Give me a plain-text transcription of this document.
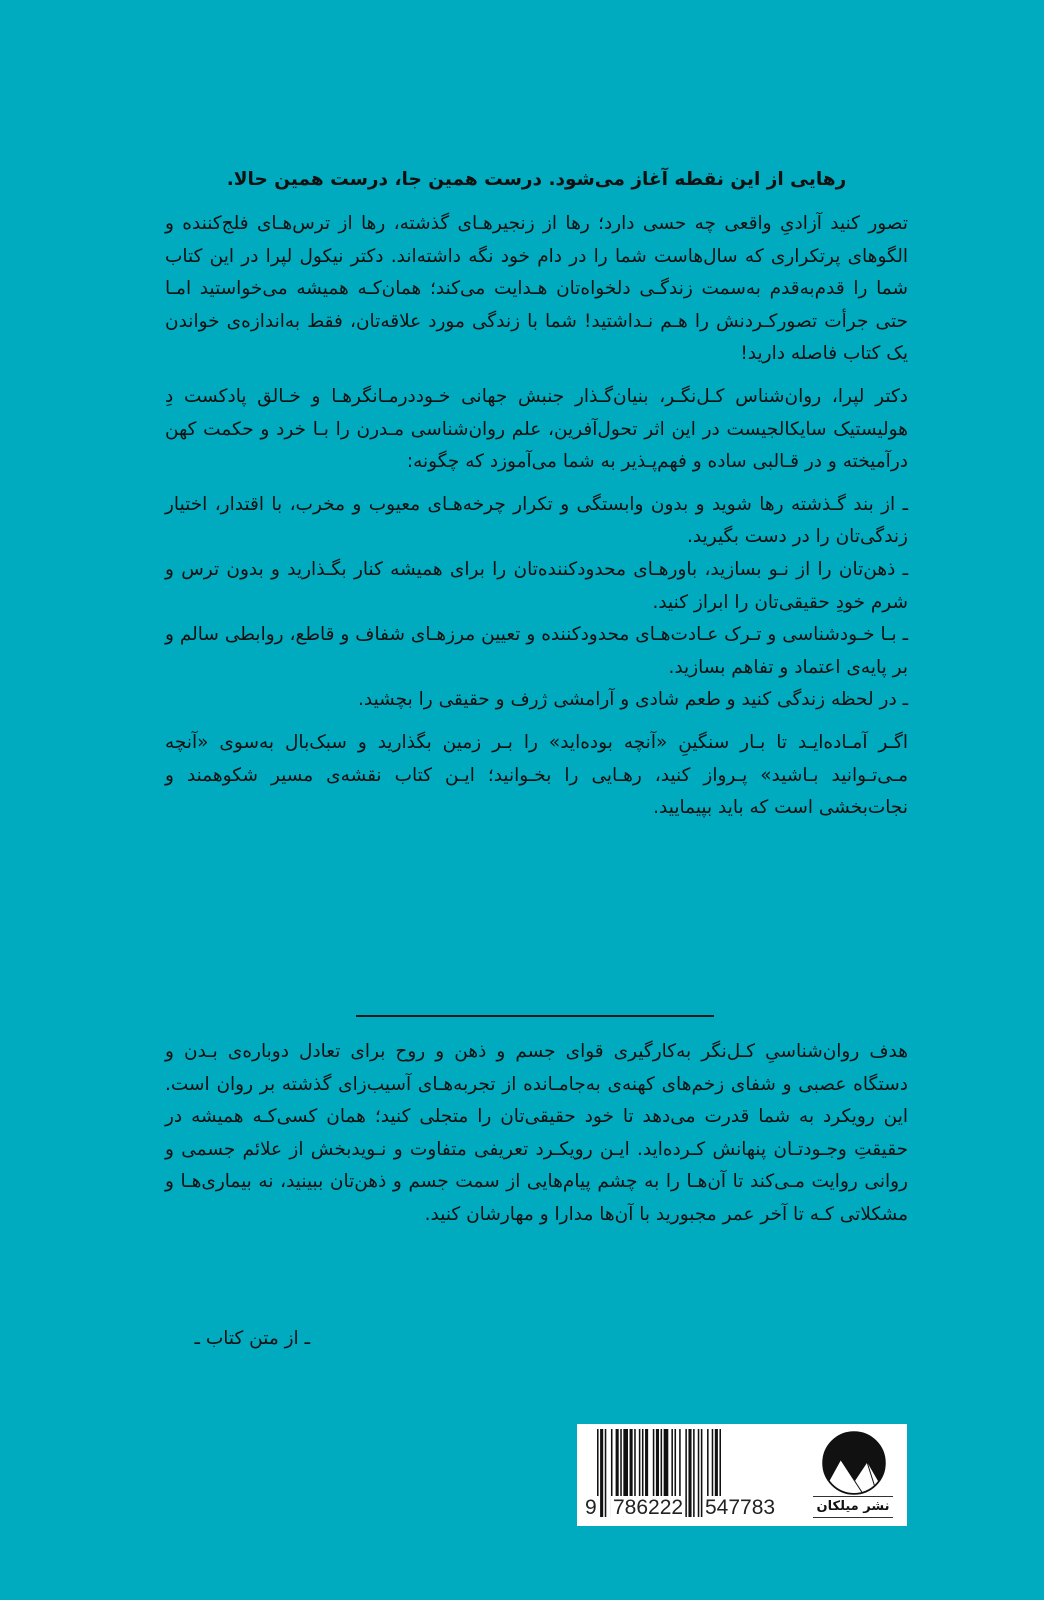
رهایی از این نقطه آغاز می‌شود. درست همین جا، درست همین حالا.

تصور کنید آزادیِ واقعی چه حسی دارد؛ رها از زنجیرهـای گذشته، رها از ترس‌هـای فلج‌کننده و الگوهای پرتکراری که سال‌هاست شما را در دام خود نگه داشته‌اند. دکتر نیکول لپرا در این کتاب شما را قدم‌به‌قدم به‌سمت زندگـی دلخواه‌تان هـدایت می‌کند؛ همان‌کـه همیشه می‌خواستید امـا حتی جرأت تصورکـردنش را هـم نـداشتید! شما با زندگی مورد علاقه‌تان، فقط به‌اندازه‌ی خواندن یک کتاب فاصله دارید!

دکتر لپرا، روان‌شناس کـل‌نگـر، بنیان‌گـذار جنبش جهانی خـوددرمـانگرهـا و خـالق پادکست دِ هولیستیک سایکالجیست در این اثر تحول‌آفرین، علم روان‌شناسی مـدرن را بـا خرد و حکمت کهن درآمیخته و در قـالبی ساده و فهم‌پـذیر به شما می‌آموزد که چگونه:

ـ از بند گـذشته رها شوید و بدون وابستگی و تکرار چرخه‌هـای معیوب و مخرب، با اقتدار، اختیار زندگی‌تان را در دست بگیرید.

ـ ذهن‌تان را از نـو بسازید، باورهـای محدودکننده‌تان را برای همیشه کنار بگـذارید و بدون ترس و شرم خودِ حقیقی‌تان را ابراز کنید.

ـ بـا خـودشناسی و تـرک عـادت‌هـای محدودکننده و تعیین مرزهـای شفاف و قاطع، روابطی سالم و بر پایه‌ی اعتماد و تفاهم بسازید.

ـ در لحظه زندگی کنید و طعم شادی و آرامشی ژرف و حقیقی را بچشید.

اگـر آمـاده‌ایـد تا بـار سنگینِ «آنچه بوده‌اید» را بـر زمین بگذارید و سبک‌بال به‌سوی «آنچه مـی‌تـوانید بـاشید» پـرواز کنید، رهـایی را بخـوانید؛ ایـن کتاب نقشه‌ی مسیر شکوهمند و نجات‌بخشی است که باید بپیمایید.

هدف روان‌شناسیِ کـل‌نگر به‌کارگیری قوای جسم و ذهن و روح برای تعادل دوباره‌ی بـدن و دستگاه عصبی و شفای زخم‌های کهنه‌ی به‌جامـانده از تجربه‌هـای آسیب‌زای گذشته بر روان است. این رویکرد به شما قدرت می‌دهد تا خود حقیقی‌تان را متجلی کنید؛ همان کسی‌کـه همیشه در حقیقتِ وجـودتـان پنهانش کـرده‌اید. ایـن رویکـرد تعریفی متفاوت و نـویدبخش از علائم جسمی و روانی روایت مـی‌کند تا آن‌هـا را به چشم پیام‌هایی از سمت جسم و ذهن‌تان ببینید، نه بیماری‌هـا و مشکلاتی کـه تا آخر عمر مجبورید با آن‌ها مدارا و مهارشان کنید.

ـ از متن کتاب ـ
9 786222 547783	نشر میلکان
